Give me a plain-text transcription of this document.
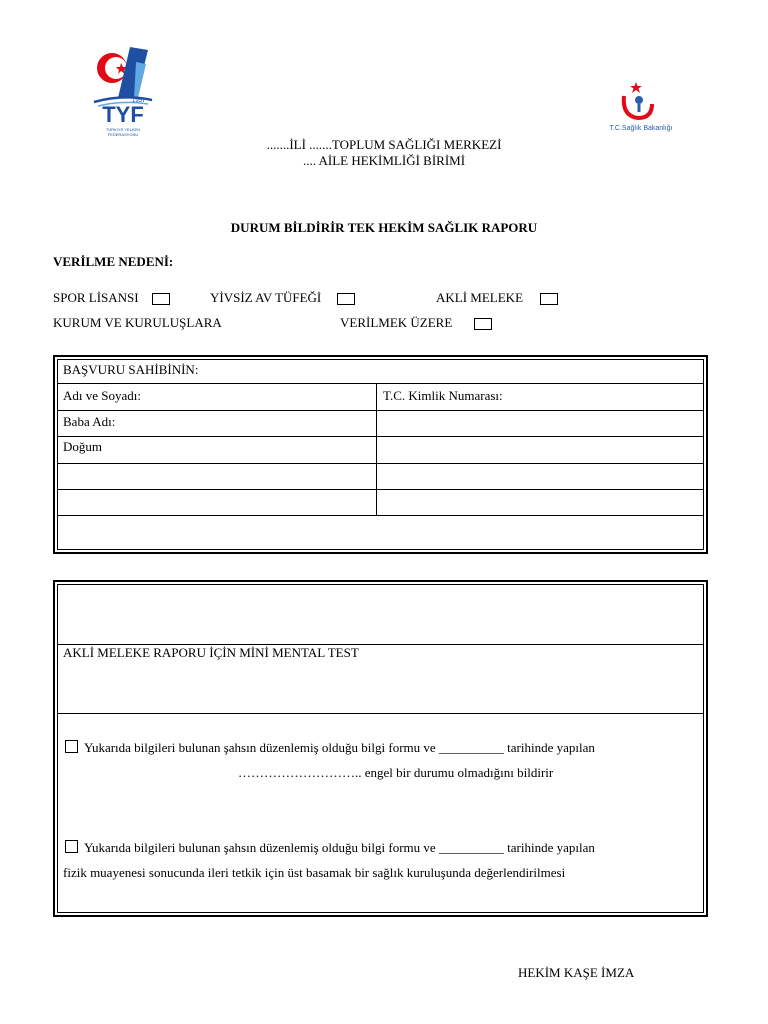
1957
TYF
TÜRKİYE YELKEN
FEDERASYONU
T.C.Sağlık Bakanlığı
.......İLİ .......TOPLUM SAĞLIĞI MERKEZİ
.... AİLE HEKİMLİĞİ BİRİMİ
DURUM BİLDİRİR TEK HEKİM SAĞLIK RAPORU
VERİLME NEDENİ:
SPOR LİSANSI	YİVSİZ AV TÜFEĞİ	AKLİ MELEKE
KURUM VE KURULUŞLARA	VERİLMEK ÜZERE
BAŞVURU SAHİBİNİN:
Adı ve Soyadı:	T.C. Kimlik Numarası:
Baba Adı:
Doğum
AKLİ MELEKE RAPORU İÇİN MİNİ MENTAL TEST
Yukarıda bilgileri bulunan şahsın düzenlemiş olduğu bilgi formu ve __________ tarihinde yapılan
……………………….. engel bir durumu olmadığını bildirir
Yukarıda bilgileri bulunan şahsın düzenlemiş olduğu bilgi formu ve __________ tarihinde yapılan
fizik muayenesi sonucunda ileri tetkik için üst basamak bir sağlık kuruluşunda değerlendirilmesi
HEKİM KAŞE İMZA
